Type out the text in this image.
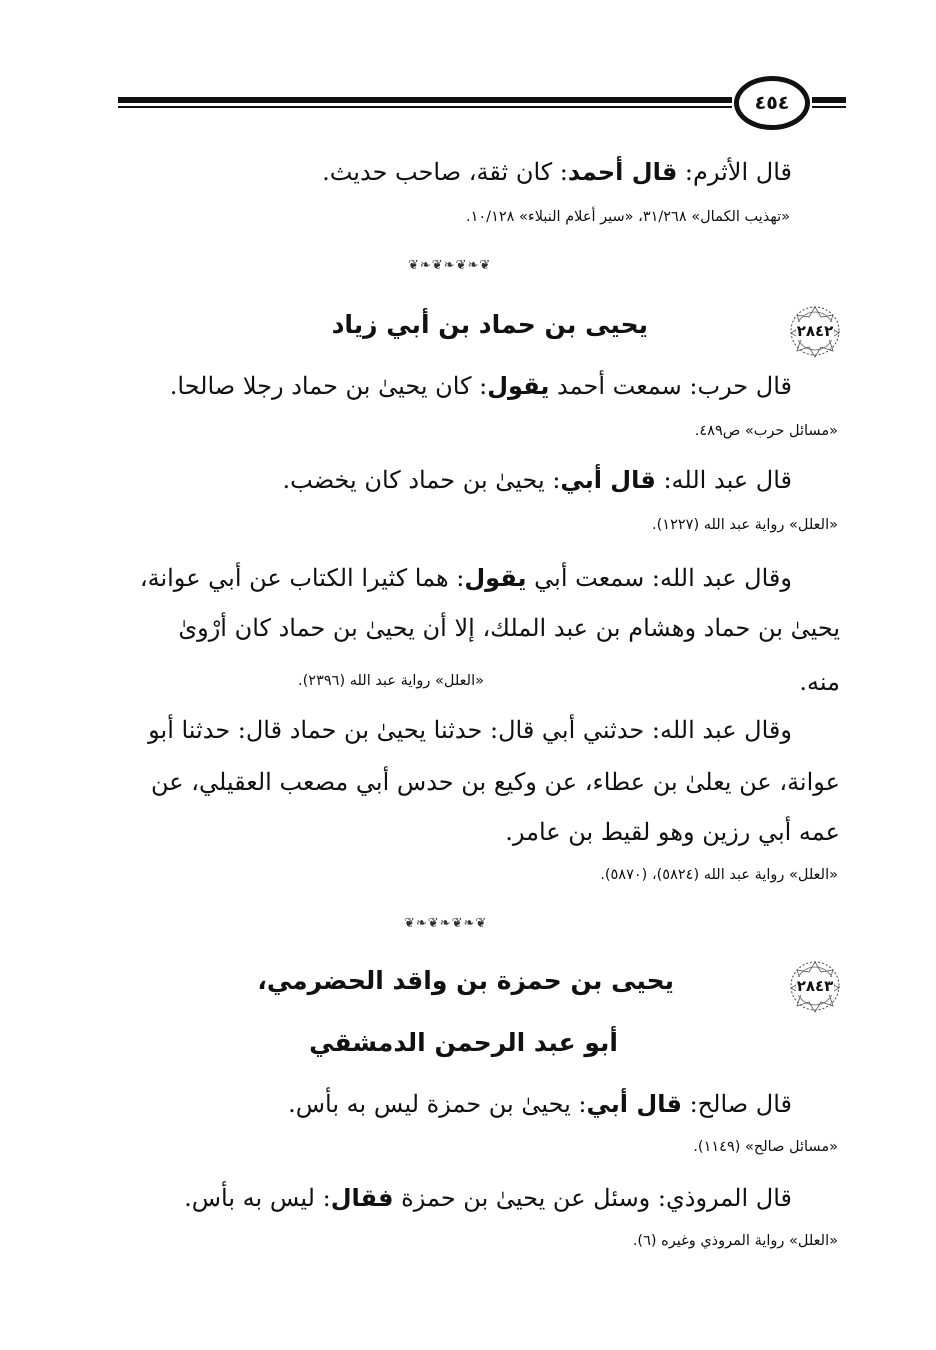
٤٥٤
قال الأثرم: قال أحمد: كان ثقة، صاحب حديث.
«تهذيب الكمال» ٣١/٢٦٨، «سير أعلام النبلاء» ١٠/١٢٨.
❦❧❦❧❦❧❦
٢٨٤٢
يحيى بن حماد بن أبي زياد
قال حرب: سمعت أحمد يقول: كان يحيىٰ بن حماد رجلا صالحا.
«مسائل حرب» ص٤٨٩.
قال عبد الله: قال أبي: يحيىٰ بن حماد كان يخضب.
«العلل» رواية عبد الله (١٢٢٧).
وقال عبد الله: سمعت أبي يقول: هما كثيرا الكتاب عن أبي عوانة،
يحيىٰ بن حماد وهشام بن عبد الملك، إلا أن يحيىٰ بن حماد كان أرْوىٰ
منه.
«العلل» رواية عبد الله (٢٣٩٦).
وقال عبد الله: حدثني أبي قال: حدثنا يحيىٰ بن حماد قال: حدثنا أبو
عوانة، عن يعلىٰ بن عطاء، عن وكيع بن حدس أبي مصعب العقيلي، عن
عمه أبي رزين وهو لقيط بن عامر.
«العلل» رواية عبد الله (٥٨٢٤)، (٥٨٧٠).
❦❧❦❧❦❧❦
٢٨٤٣
يحيى بن حمزة بن واقد الحضرمي،
أبو عبد الرحمن الدمشقي
قال صالح: قال أبي: يحيىٰ بن حمزة ليس به بأس.
«مسائل صالح» (١١٤٩).
قال المروذي: وسئل عن يحيىٰ بن حمزة فقال: ليس به بأس.
«العلل» رواية المروذي وغيره (٦).
